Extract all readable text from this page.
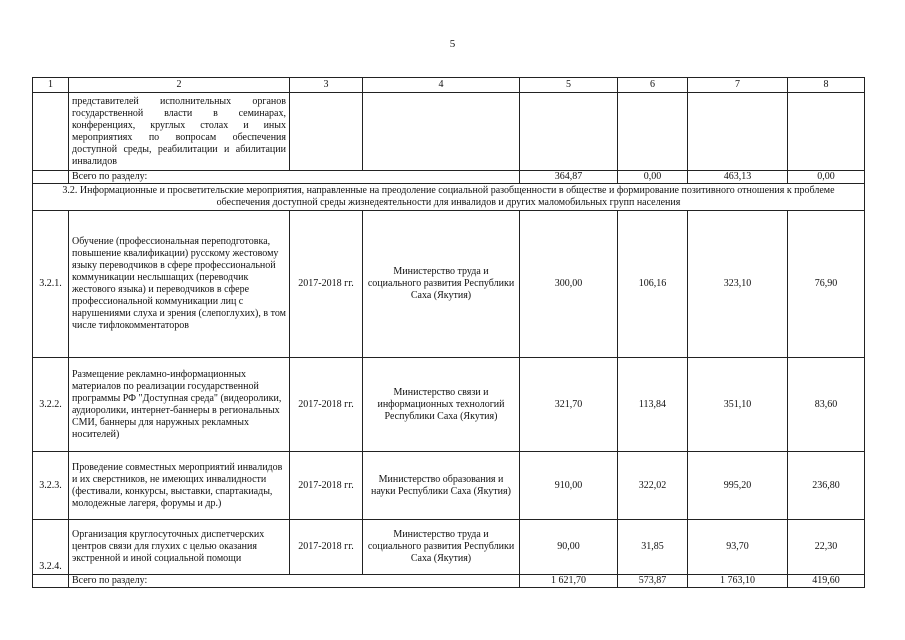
5
1	2	3	4	5	6	7	8
	представителей исполнительных органов государственной власти в семинарах, конференциях, круглых столах и иных мероприятиях по вопросам обеспечения доступной среды, реабилитации и абилитации инвалидов						
	Всего по разделу:			364,87	0,00	463,13	0,00
3.2. Информационные и просветительские мероприятия, направленные на преодоление социальной разобщенности в обществе и формирование позитивного отношения к проблеме обеспечения доступной среды жизнедеятельности для инвалидов и других маломобильных групп населения							
3.2.1.	Обучение (профессиональная переподготовка, повышение квалификации) русскому жестовому языку переводчиков в сфере профессиональной коммуникации неслышащих (переводчик жестового языка) и переводчиков в сфере профессиональной коммуникации лиц с нарушениями слуха и зрения (слепоглухих), в том числе тифлокомментаторов	2017-2018 гг.	Министерство труда и социального развития Республики Саха (Якутия)	300,00	106,16	323,10	76,90
3.2.2.	Размещение рекламно-информационных материалов по реализации государственной программы РФ "Доступная среда" (видеоролики, аудиоролики, интернет-баннеры в региональных СМИ, баннеры для наружных рекламных носителей)	2017-2018 гг.	Министерство связи и информационных технологий Республики Саха (Якутия)	321,70	113,84	351,10	83,60
3.2.3.	Проведение совместных мероприятий инвалидов и их сверстников, не имеющих инвалидности (фестивали, конкурсы, выставки, спартакиады, молодежные лагеря, форумы и др.)	2017-2018 гг.	Министерство образования и науки Республики Саха (Якутия)	910,00	322,02	995,20	236,80
3.2.4.	Организация круглосуточных диспетчерских центров связи для глухих с целью оказания экстренной и иной социальной помощи	2017-2018 гг.	Министерство труда и социального развития Республики Саха (Якутия)	90,00	31,85	93,70	22,30
	Всего по разделу:			1 621,70	573,87	1 763,10	419,60
